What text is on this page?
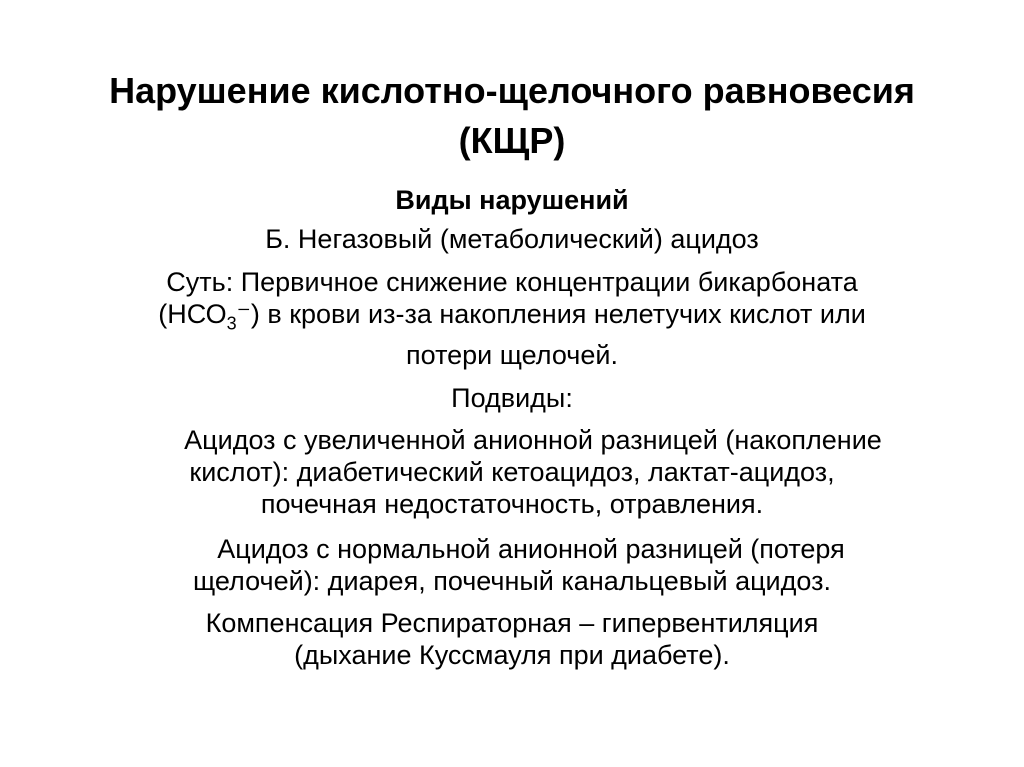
Нарушение кислотно-щелочного равновесия
(КЩР)

Виды нарушений

Б. Негазовый (метаболический) ацидоз

Суть: Первичное снижение концентрации бикарбоната
$(НСО_3^-)$ в крови из-за накопления нелетучих кислот или
потери щелочей.

Подвиды:

Ацидоз с увеличенной анионной разницей (накопление
кислот): диабетический кетоацидоз, лактат-ацидоз,
почечная недостаточность, отравления.

Ацидоз с нормальной анионной разницей (потеря
щелочей): диарея, почечный канальцевый ацидоз.

Компенсация Респираторная – гипервентиляция
(дыхание Куссмауля при диабете).
